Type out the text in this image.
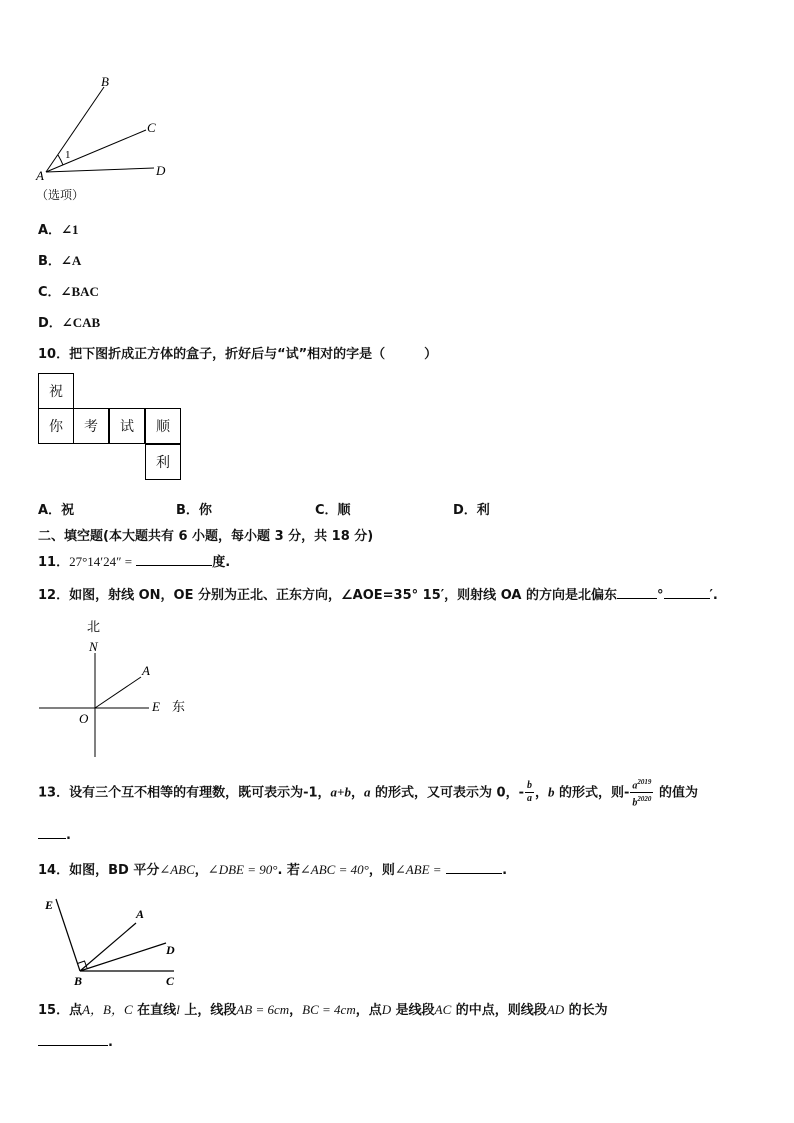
B
C
1
A	D
（选项）
A．∠1
B．∠A
C．∠BAC
D．∠CAB
10．把下图折成正方体的盒子，折好后与“试”相对的字是（　　　）
祝
你	考	试	顺
利
A．祝	B．你	C．顺	D．利
二、填空题(本大题共有 6 小题，每小题 3 分，共 18 分)
11．27°14′24″ =	度.
12．如图，射线 ON，OE 分别为正北、正东方向，∠AOE=35° 15′，则射线 OA 的方向是北偏东	°	′.
北
N
A
O
E 东
13．设有三个互不相等的有理数，既可表示为-1，a+b，a 的形式，又可表示为 0，- $\frac{b}{a}$ ，b 的形式，则- $\frac{a^{2019}}{b^{2020}}$ 的值为
.
14．如图，BD 平分∠ABC，∠DBE = 90°. 若∠ABC = 40°，则∠ABE =	.
E
A
D
B	C
15．点A，B，C 在直线l 上，线段AB = 6cm，BC = 4cm，点D 是线段AC 的中点，则线段AD 的长为
.
